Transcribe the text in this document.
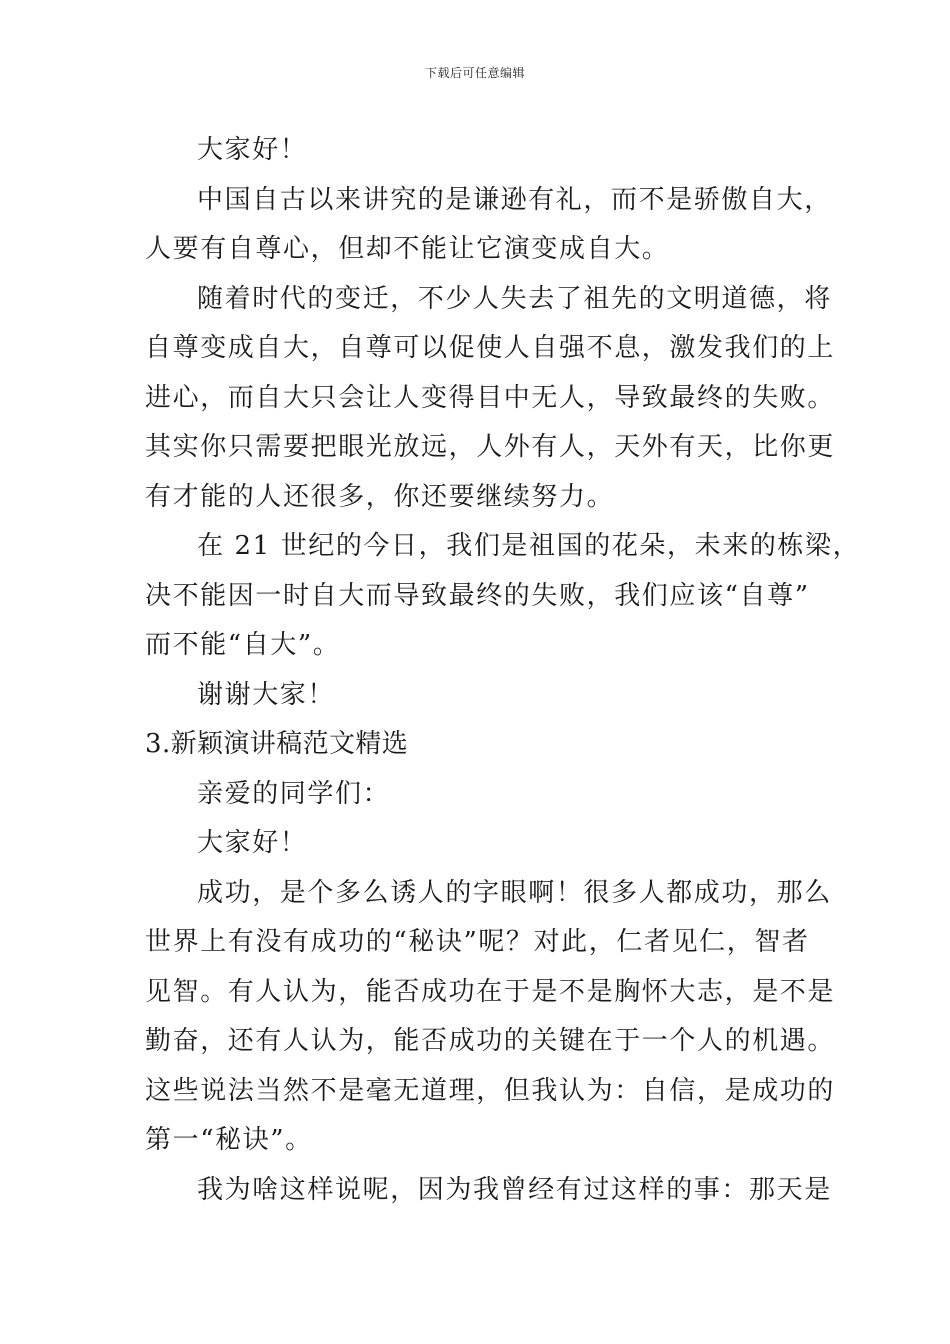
下载后可任意编辑
大家好！
中国自古以来讲究的是谦逊有礼，而不是骄傲自大，
人要有自尊心，但却不能让它演变成自大。
随着时代的变迁，不少人失去了祖先的文明道德，将
自尊变成自大，自尊可以促使人自强不息，激发我们的上
进心，而自大只会让人变得目中无人，导致最终的失败。
其实你只需要把眼光放远，人外有人，天外有天，比你更
有才能的人还很多，你还要继续努力。
在 21 世纪的今日，我们是祖国的花朵，未来的栋梁，
决不能因一时自大而导致最终的失败，我们应该“自尊”
而不能“自大”。
谢谢大家！
3.新颖演讲稿范文精选
亲爱的同学们：
大家好！
成功，是个多么诱人的字眼啊！很多人都成功，那么
世界上有没有成功的“秘诀”呢？对此，仁者见仁，智者
见智。有人认为，能否成功在于是不是胸怀大志，是不是
勤奋，还有人认为，能否成功的关键在于一个人的机遇。
这些说法当然不是毫无道理，但我认为：自信，是成功的
第一“秘诀”。
我为啥这样说呢，因为我曾经有过这样的事：那天是
